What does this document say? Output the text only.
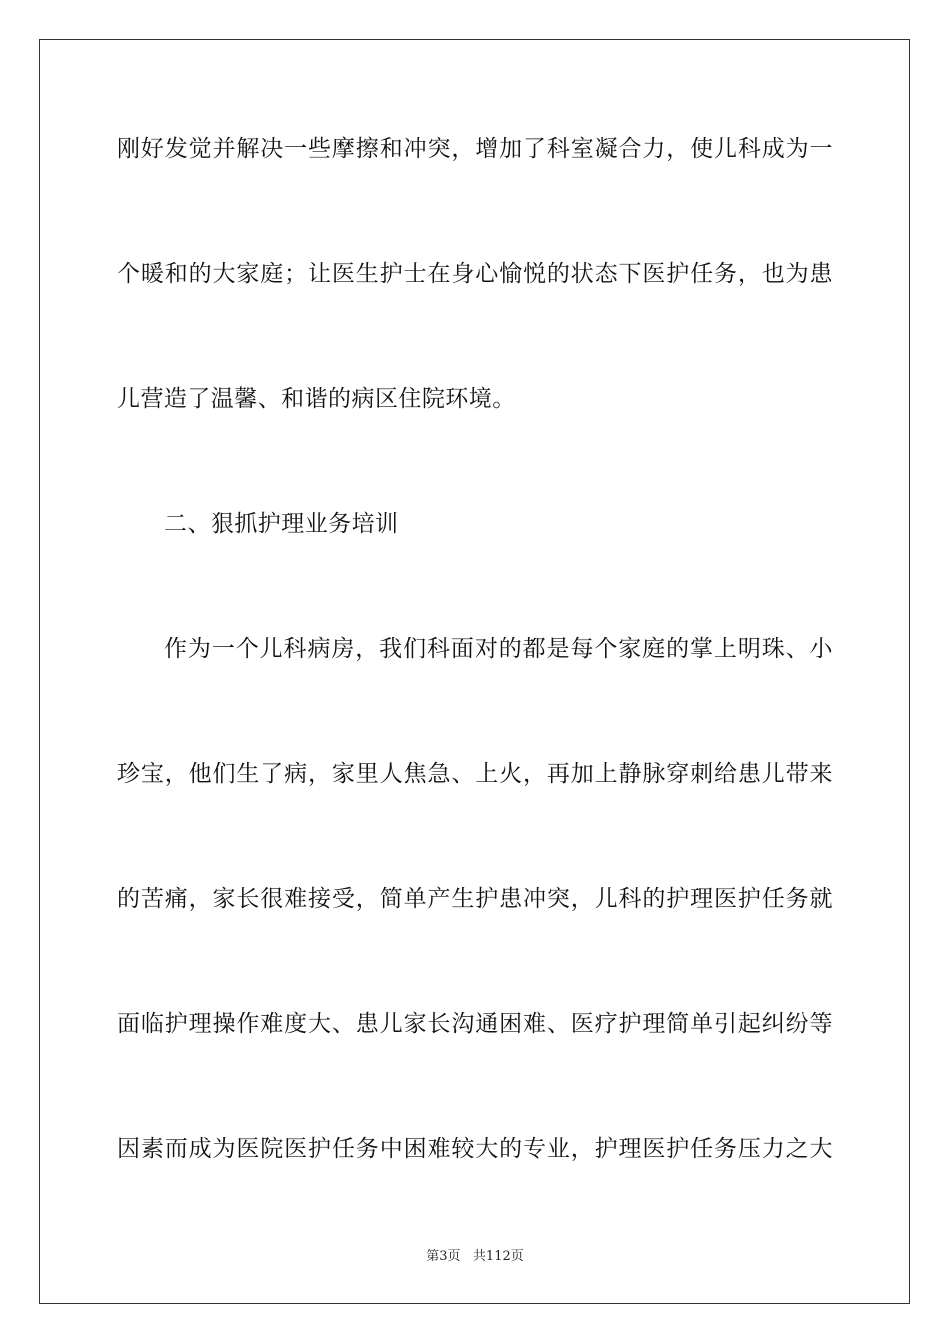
刚好发觉并解决一些摩擦和冲突，增加了科室凝合力，使儿科成为一
个暖和的大家庭；让医生护士在身心愉悦的状态下医护任务，也为患
儿营造了温馨、和谐的病区住院环境。
二、狠抓护理业务培训
作为一个儿科病房，我们科面对的都是每个家庭的掌上明珠、小
珍宝，他们生了病，家里人焦急、上火，再加上静脉穿刺给患儿带来
的苦痛，家长很难接受，简单产生护患冲突，儿科的护理医护任务就
面临护理操作难度大、患儿家长沟通困难、医疗护理简单引起纠纷等
因素而成为医院医护任务中困难较大的专业，护理医护任务压力之大
第3页 共112页
